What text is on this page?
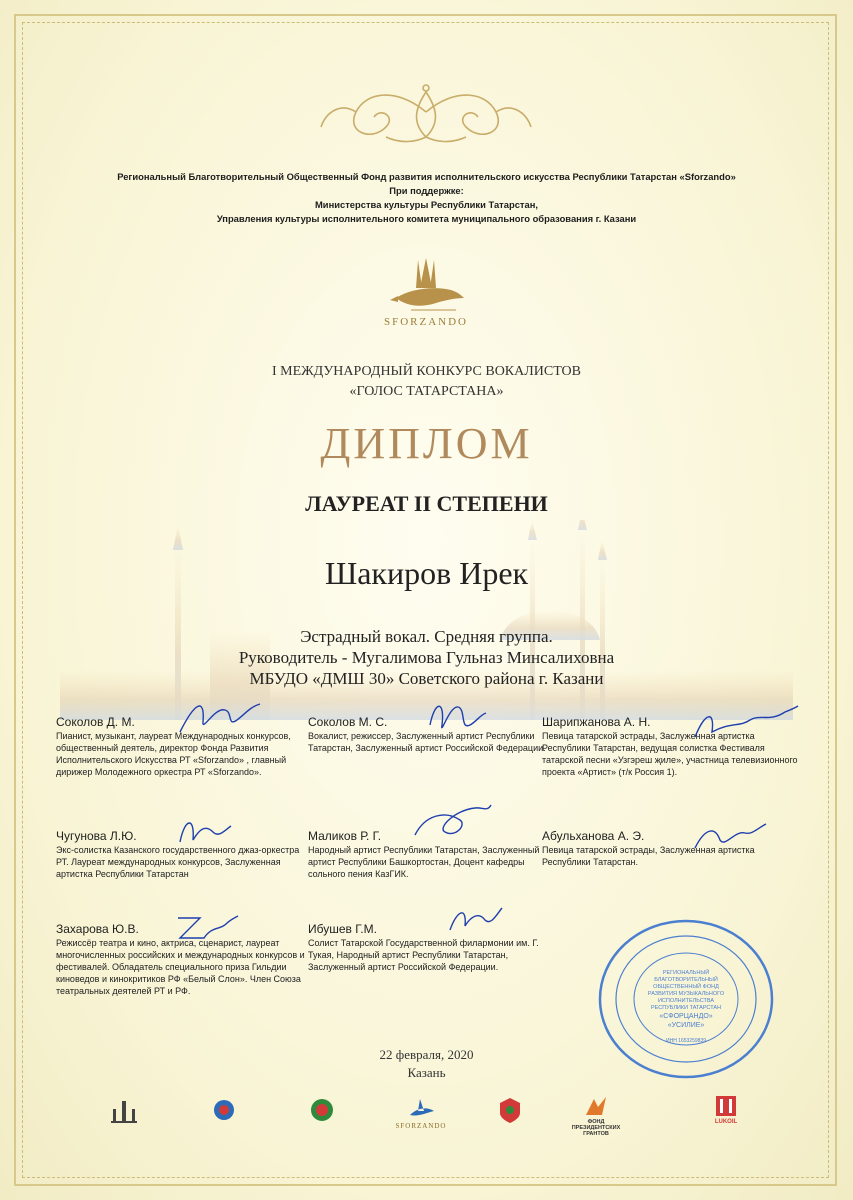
Региональный Благотворительный Общественный Фонд развития исполнительского искусства Республики Татарстан «Sforzando»
При поддержке:
Министерства культуры Республики Татарстан,
Управления культуры исполнительного комитета муниципального образования г. Казани
SFORZANDO
I МЕЖДУНАРОДНЫЙ КОНКУРС ВОКАЛИСТОВ
«ГОЛОС ТАТАРСТАНА»
ДИПЛОМ
ЛАУРЕАТ II СТЕПЕНИ
Шакиров Ирек
Эстрадный вокал. Средняя группа.
Руководитель - Мугалимова Гульназ Минсалиховна
МБУДО «ДМШ 30» Советского района г. Казани
Соколов Д. М.
Пианист, музыкант, лауреат Международных конкурсов, общественный деятель, директор Фонда Развития Исполнительского Искусства РТ «Sforzando» , главный дирижер Молодежного оркестра РТ «Sforzando».
Соколов М. С.
Вокалист, режиссер, Заслуженный артист Республики Татарстан, Заслуженный артист Российской Федерации.
Шарипжанова А. Н.
Певица татарской эстрады, Заслуженная артистка Республики Татарстан, ведущая солистка Фестиваля татарской песни «Узгэреш җиле», участница телевизионного проекта «Артист» (т/к Россия 1).
Чугунова Л.Ю.
Экс-солистка Казанского государственного джаз-оркестра РТ. Лауреат международных конкурсов, Заслуженная артистка Республики Татарстан
Маликов Р. Г.
Народный артист Республики Татарстан, Заслуженный артист Республики Башкортостан, Доцент кафедры сольного пения КазГИК.
Абульханова А. Э.
Певица татарской эстрады, Заслуженная артистка Республики Татарстан.
Захарова Ю.В.
Режиссёр театра и кино, актриса, сценарист, лауреат многочисленных российских и международных конкурсов и фестивалей. Обладатель специального приза Гильдии киноведов и кинокритиков РФ «Белый Слон». Член Союза театральных деятелей РТ и РФ.
Ибушев Г.М.
Солист Татарской Государственной филармонии им. Г. Тукая, Народный артист Республики Татарстан, Заслуженный артист Российской Федерации.
РЕГИОНАЛЬНЫЙ
БЛАГОТВОРИТЕЛЬНЫЙ
ОБЩЕСТВЕННЫЙ ФОНД
РАЗВИТИЯ МУЗЫКАЛЬНОГО
ИСПОЛНИТЕЛЬСТВА
РЕСПУБЛИКИ ТАТАРСТАН
«СФОРЦАНДО»
«УСИЛИЕ»
ИНН 1653259839
22 февраля, 2020
Казань
SFORZANDO	ФОНД ПРЕЗИДЕНТСКИХ ГРАНТОВ
LUKOIL
